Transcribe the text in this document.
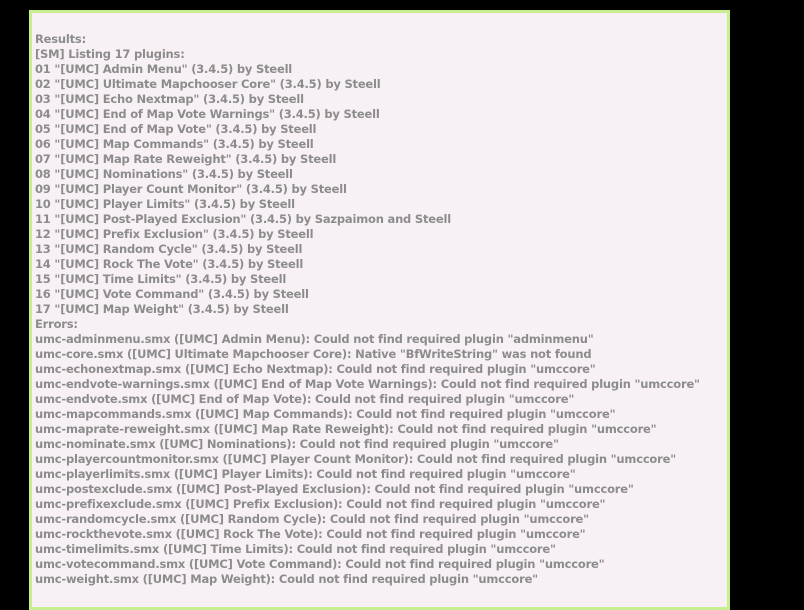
Results:
[SM] Listing 17 plugins:
01 "[UMC] Admin Menu" (3.4.5) by Steell
02 "[UMC] Ultimate Mapchooser Core" (3.4.5) by Steell
03 "[UMC] Echo Nextmap" (3.4.5) by Steell
04 "[UMC] End of Map Vote Warnings" (3.4.5) by Steell
05 "[UMC] End of Map Vote" (3.4.5) by Steell
06 "[UMC] Map Commands" (3.4.5) by Steell
07 "[UMC] Map Rate Reweight" (3.4.5) by Steell
08 "[UMC] Nominations" (3.4.5) by Steell
09 "[UMC] Player Count Monitor" (3.4.5) by Steell
10 "[UMC] Player Limits" (3.4.5) by Steell
11 "[UMC] Post-Played Exclusion" (3.4.5) by Sazpaimon and Steell
12 "[UMC] Prefix Exclusion" (3.4.5) by Steell
13 "[UMC] Random Cycle" (3.4.5) by Steell
14 "[UMC] Rock The Vote" (3.4.5) by Steell
15 "[UMC] Time Limits" (3.4.5) by Steell
16 "[UMC] Vote Command" (3.4.5) by Steell
17 "[UMC] Map Weight" (3.4.5) by Steell
Errors:
umc-adminmenu.smx ([UMC] Admin Menu): Could not find required plugin "adminmenu"
umc-core.smx ([UMC] Ultimate Mapchooser Core): Native "BfWriteString" was not found
umc-echonextmap.smx ([UMC] Echo Nextmap): Could not find required plugin "umccore"
umc-endvote-warnings.smx ([UMC] End of Map Vote Warnings): Could not find required plugin "umccore"
umc-endvote.smx ([UMC] End of Map Vote): Could not find required plugin "umccore"
umc-mapcommands.smx ([UMC] Map Commands): Could not find required plugin "umccore"
umc-maprate-reweight.smx ([UMC] Map Rate Reweight): Could not find required plugin "umccore"
umc-nominate.smx ([UMC] Nominations): Could not find required plugin "umccore"
umc-playercountmonitor.smx ([UMC] Player Count Monitor): Could not find required plugin "umccore"
umc-playerlimits.smx ([UMC] Player Limits): Could not find required plugin "umccore"
umc-postexclude.smx ([UMC] Post-Played Exclusion): Could not find required plugin "umccore"
umc-prefixexclude.smx ([UMC] Prefix Exclusion): Could not find required plugin "umccore"
umc-randomcycle.smx ([UMC] Random Cycle): Could not find required plugin "umccore"
umc-rockthevote.smx ([UMC] Rock The Vote): Could not find required plugin "umccore"
umc-timelimits.smx ([UMC] Time Limits): Could not find required plugin "umccore"
umc-votecommand.smx ([UMC] Vote Command): Could not find required plugin "umccore"
umc-weight.smx ([UMC] Map Weight): Could not find required plugin "umccore"
